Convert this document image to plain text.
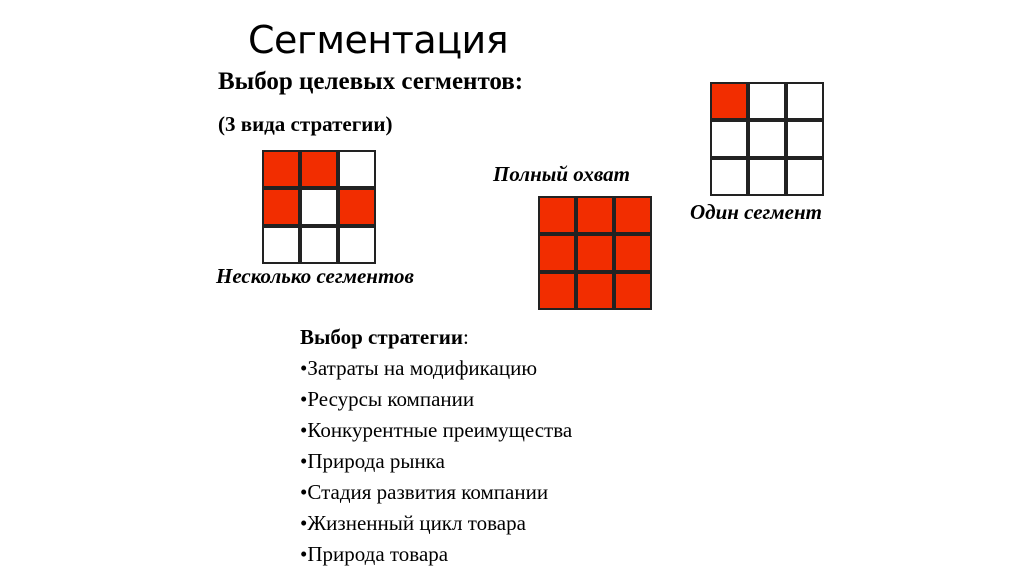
Сегментация
Выбор целевых сегментов:
(3 вида стратегии)
Несколько сегментов
Полный охват
Один сегмент
Выбор стратегии:
•Затраты на модификацию
•Ресурсы компании
•Конкурентные преимущества
•Природа рынка
•Стадия развития компании
•Жизненный цикл товара
•Природа товара
